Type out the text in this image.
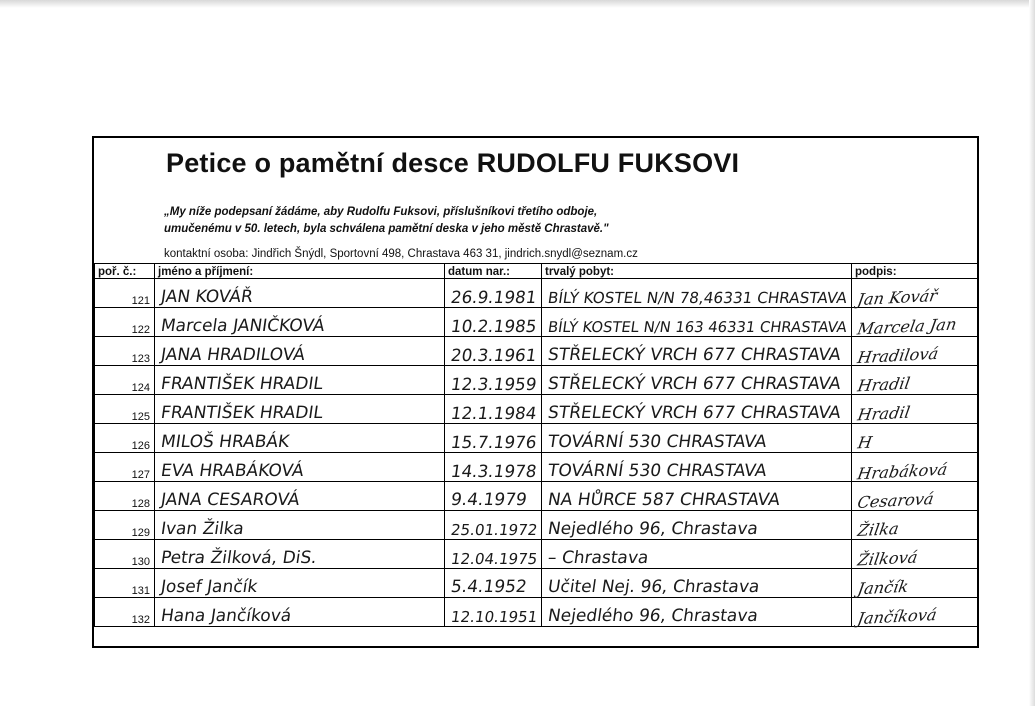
Petice o pamětní desce RUDOLFU FUKSOVI
„My níže podepsaní žádáme, aby Rudolfu Fuksovi, příslušníkovi třetího odboje,
umučenému v 50. letech, byla schválena pamětní deska v jeho městě Chrastavě."
kontaktní osoba: Jindřich Šnýdl, Sportovní 498, Chrastava 463 31, jindrich.snydl@seznam.cz
poř. č.:	jméno a příjmení:	datum nar.:	trvalý pobyt:	podpis:
121	JAN KOVÁŘ	26.9.1981	BÍLÝ KOSTEL N/N 78,46331 CHRASTAVA	Jan Kovář
122	Marcela JANIČKOVÁ	10.2.1985	BÍLÝ KOSTEL N/N 163 46331 CHRASTAVA	Marcela Jan
123	JANA HRADILOVÁ	20.3.1961	STŘELECKÝ VRCH 677 CHRASTAVA	Hradilová
124	FRANTIŠEK HRADIL	12.3.1959	STŘELECKÝ VRCH 677 CHRASTAVA	Hradil
125	FRANTIŠEK HRADIL	12.1.1984	STŘELECKÝ VRCH 677 CHRASTAVA	Hradil
126	MILOŠ HRABÁK	15.7.1976	TOVÁRNÍ 530 CHRASTAVA	H
127	EVA HRABÁKOVÁ	14.3.1978	TOVÁRNÍ 530 CHRASTAVA	Hrabáková
128	JANA CESAROVÁ	9.4.1979	NA HŮRCE 587 CHRASTAVA	Cesarová
129	Ivan Žilka	25.01.1972	Nejedlého 96, Chrastava	Žilka
130	Petra Žilková, DiS.	12.04.1975	– Chrastava	Žilková
131	Josef Jančík	5.4.1952	Učitel Nej. 96, Chrastava	Jančík
132	Hana Jančíková	12.10.1951	Nejedlého 96, Chrastava	Jančíková
